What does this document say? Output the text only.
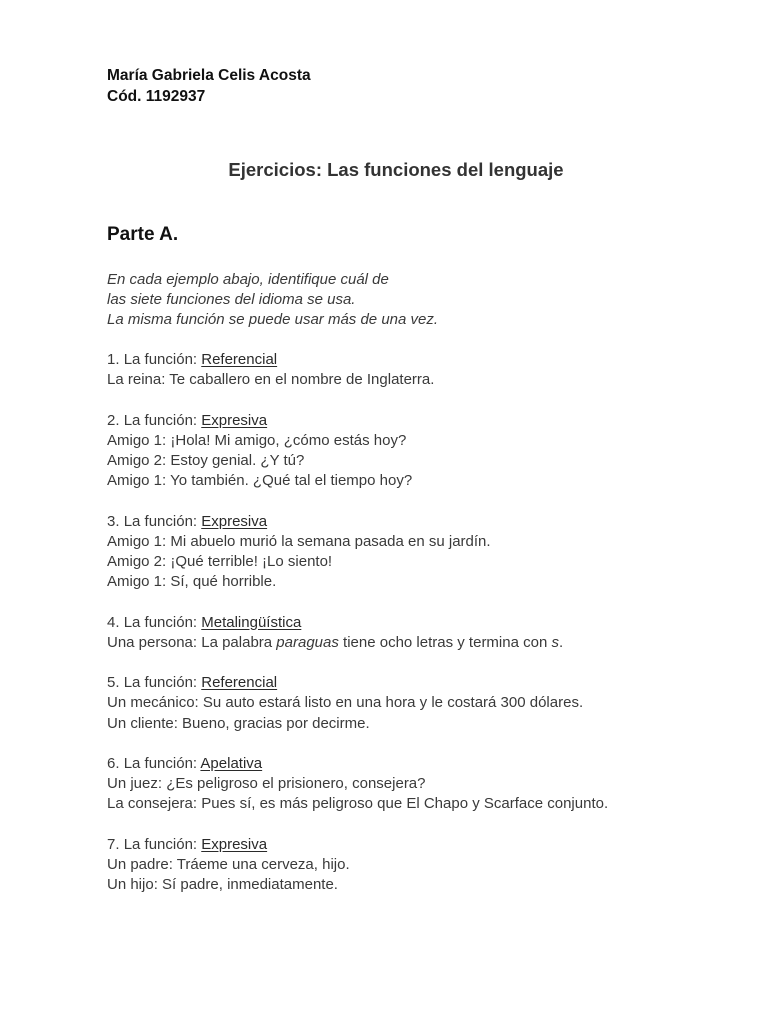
María Gabriela Celis Acosta
Cód. 1192937
Ejercicios: Las funciones del lenguaje
Parte A.
En cada ejemplo abajo, identifique cuál de
las siete funciones del idioma se usa.
La misma función se puede usar más de una vez.
1. La función: Referencial
La reina: Te caballero en el nombre de Inglaterra.
2. La función: Expresiva
Amigo 1: ¡Hola! Mi amigo, ¿cómo estás hoy?
Amigo 2: Estoy genial. ¿Y tú?
Amigo 1: Yo también. ¿Qué tal el tiempo hoy?
3. La función: Expresiva
Amigo 1: Mi abuelo murió la semana pasada en su jardín.
Amigo 2: ¡Qué terrible! ¡Lo siento!
Amigo 1: Sí, qué horrible.
4. La función: Metalingüística
Una persona: La palabra paraguas tiene ocho letras y termina con s.
5. La función: Referencial
Un mecánico: Su auto estará listo en una hora y le costará 300 dólares.
Un cliente: Bueno, gracias por decirme.
6. La función: Apelativa
Un juez: ¿Es peligroso el prisionero, consejera?
La consejera: Pues sí, es más peligroso que El Chapo y Scarface conjunto.
7. La función: Expresiva
Un padre: Tráeme una cerveza, hijo.
Un hijo: Sí padre, inmediatamente.
